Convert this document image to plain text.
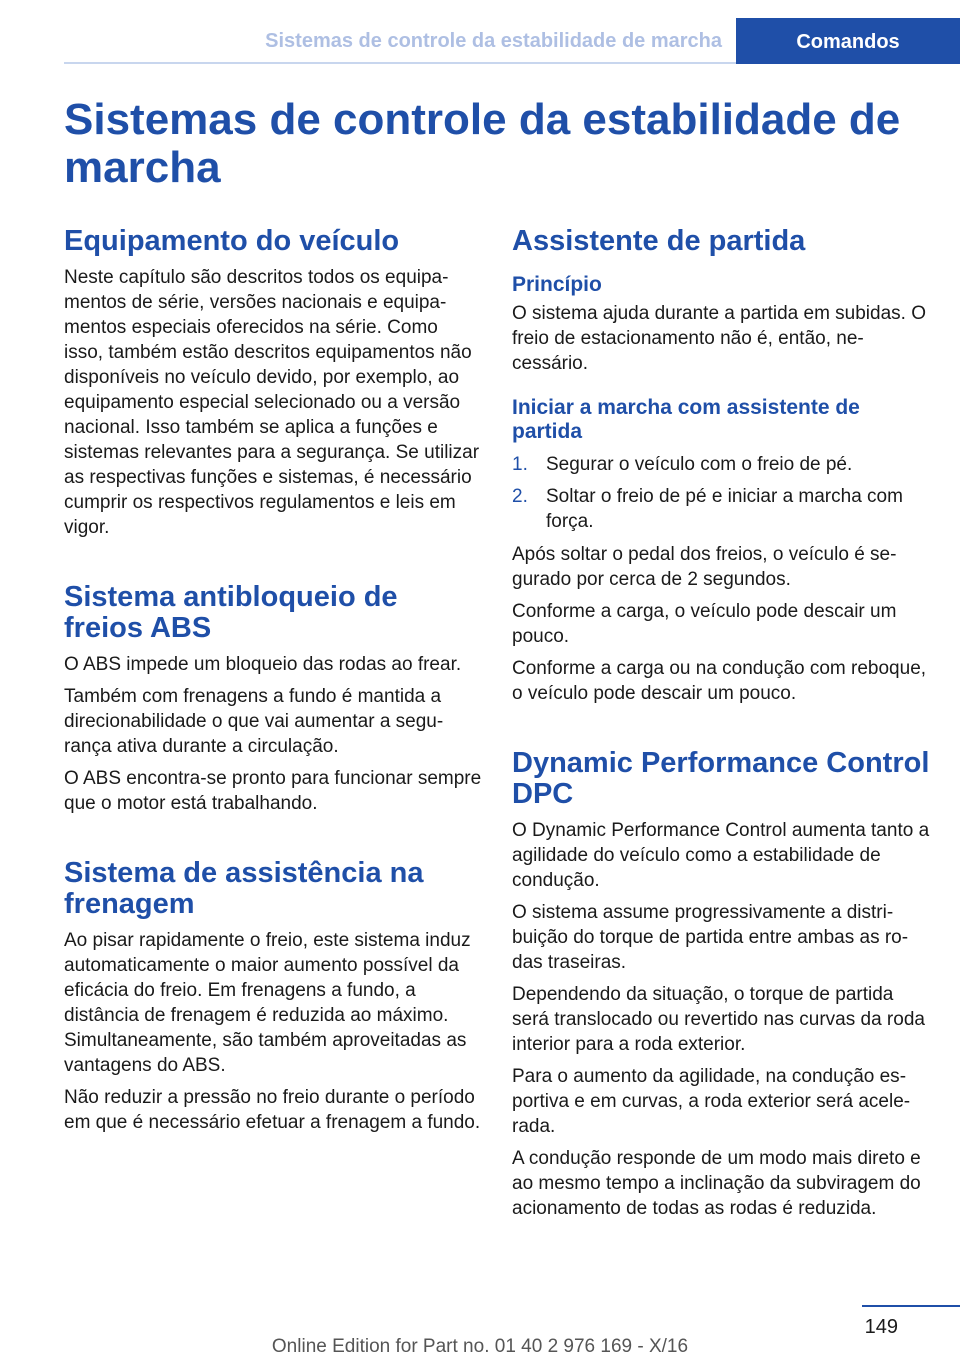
Sistemas de controle da estabilidade de marcha	Comandos
Sistemas de controle da estabilidade de marcha
Equipamento do veículo

Neste capítulo são descritos todos os equipamentos de série, versões nacionais e equipamentos especiais oferecidos na série. Como isso, também estão descritos equipamentos não disponíveis no veículo devido, por exemplo, ao equipamento especial selecionado ou a versão nacional. Isso também se aplica a funções e sistemas relevantes para a segurança. Se utilizar as respectivas funções e sistemas, é necessário cumprir os respectivos regulamentos e leis em vigor.

Sistema antibloqueio de freios ABS

O ABS impede um bloqueio das rodas ao frear.

Também com frenagens a fundo é mantida a direcionabilidade o que vai aumentar a segurança ativa durante a circulação.

O ABS encontra-se pronto para funcionar sempre que o motor está trabalhando.

Sistema de assistência na frenagem

Ao pisar rapidamente o freio, este sistema induz automaticamente o maior aumento possível da eficácia do freio. Em frenagens a fundo, a distância de frenagem é reduzida ao máximo. Simultaneamente, são também aproveitadas as vantagens do ABS.

Não reduzir a pressão no freio durante o período em que é necessário efetuar a frenagem a fundo.

Assistente de partida
Princípio

O sistema ajuda durante a partida em subidas. O freio de estacionamento não é, então, necessário.

Iniciar a marcha com assistente de partida
1. Segurar o veículo com o freio de pé.
2. Soltar o freio de pé e iniciar a marcha com força.

Após soltar o pedal dos freios, o veículo é segurado por cerca de 2 segundos.

Conforme a carga, o veículo pode descair um pouco.

Conforme a carga ou na condução com reboque, o veículo pode descair um pouco.

Dynamic Performance Control DPC

O Dynamic Performance Control aumenta tanto a agilidade do veículo como a estabilidade de condução.

O sistema assume progressivamente a distribuição do torque de partida entre ambas as rodas traseiras.

Dependendo da situação, o torque de partida será translocado ou revertido nas curvas da roda interior para a roda exterior.

Para o aumento da agilidade, na condução esportiva e em curvas, a roda exterior será acelerada.

A condução responde de um modo mais direto e ao mesmo tempo a inclinação da subviragem do acionamento de todas as rodas é reduzida.

149
Online Edition for Part no. 01 40 2 976 169 - X/16
